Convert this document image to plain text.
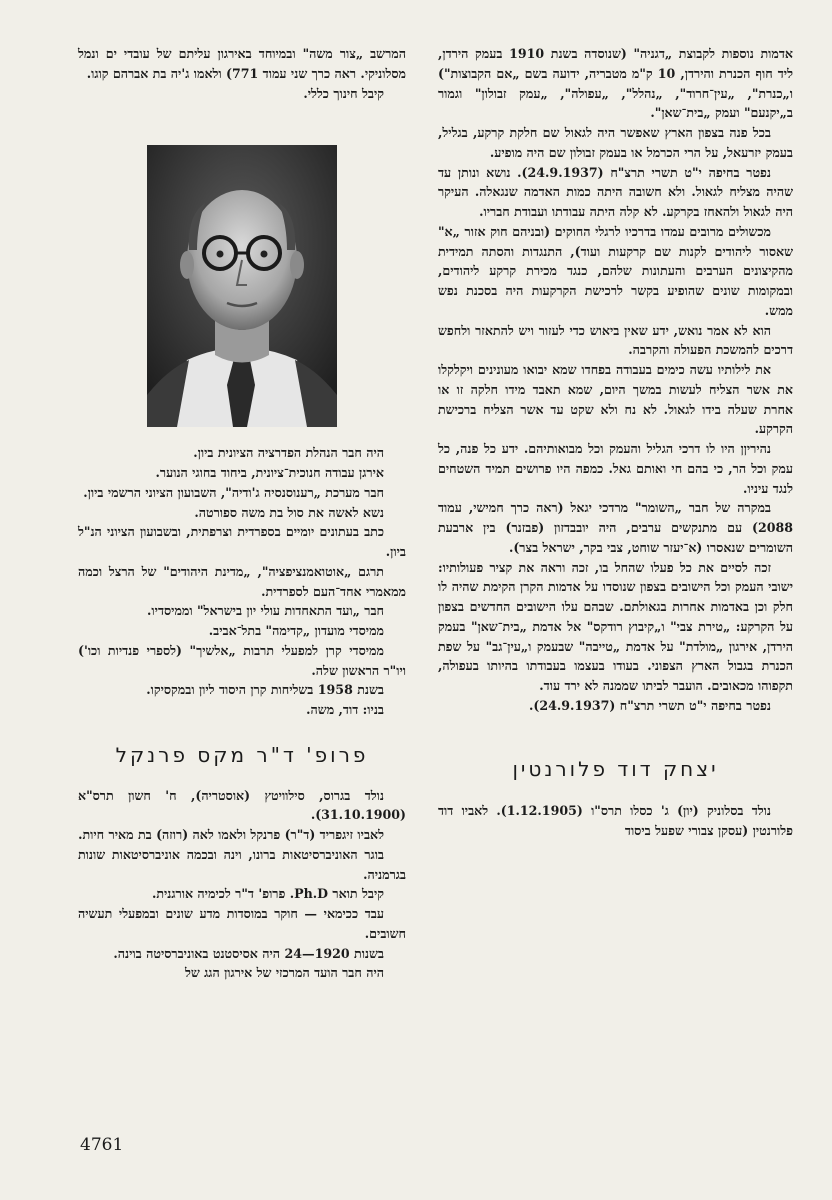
אדמות נוספות לקבוצת „דגניה" (שנוסדה בשנת 1910 בעמק הירדן, ליד חוף הכנרת והירדן, 10 ק"מ מטבריה, ידועה בשם „אם הקבוצות") ו„כנרת", „עין־חרוד", „נהלל", „עפולה", „עמק זבולון" וגמור ב„יקנעם" ועמק „בית־שאן".

בכל פנה בצפון הארץ שאפשר היה לגאול שם חלקת קרקע, בגליל, בעמק יזרעאל, על הרי הכרמל או בעמק זבולון שם היה מופיע.

נפטר בחיפה י"ט תשרי תרצ"ח (24.9.1937). נושא ונותן עד שהיה מצליח לגאול. ולא חשובה היתה כמות האדמה שנגאלה. העיקר היה לגאול ולהאחז בקרקע. לא קלה היתה עבודתו ועבודת חבריו.

מכשולים מרובים עמדו בדרכיו לרגלי החוקים (ובניהם חוק אזור „א" שאסור ליהודים לקנות שם קרקעות ועוד), התנגדות והסתה תמידית מהקיצונים הערבים והעתונות שלהם, כנגד מכירת קרקע ליהודים, ובמקומות שונים שהופיע בקשר לרכישת הקרקעות היה בסכנת נפש ממש.

הוא לא אמר נואש, ידע שאין ביאוש כדי לעזור ויש להתאזר ולחפש דרכים להמשכת הפעולה והקרבה.

את לילותיו עשה כימים בעבודה בפחדו שמא יבואו מעונינים ויקלקלו את אשר הצליח לעשות במשך היום, שמא תאבד מידו חלקה זו או אחרת שעלה בידו לגאול. לא נח ולא שקט עד אשר הצליח ברכישת הקרקע.

נהיריןן היו לו דרכי הגליל והעמק וכל מבואותיהם. ידע כל פנה, כל עמק וכל הר, כי בהם חי ואותם גאל. כמפה היו פרושים תמיד השטחים לנגד עיניו.

במקרה של חבר „השומר" מרדכי יגאל (ראה כרך חמישי, עמוד 2088) עם מתנקשים ערבים, היה יובבדזון (פבזנר) בין ארבעת השומרים שנאסרו (א־יעזר שוחט, צבי בקר, ישראל בצר).

זכה לסיים את כל פעלו שהחל בו, זכה וראה את קציר פעולותיו: ישובי העמק וכל הישובים בצפון שנוסדו על אדמות הקרן הקימת שהיה לו חלק וכן באדמות אחרות בגאולתם. שבהם עלו הישובים החדשים בצפון על הקרקע: „טירת צבי" ו„קיבוץ רודקס" אל אדמת „בית־שאן" בעמק הירדן, אירגון „מולדת" על אדמת „טייבה" שבעמק ו„עין־גב" על שפת הכנרת בגבול הארץ הצפוני. בעודו בעצמו בעבודתו בהיותו בעפולה, תקפוהו מכאובים. הועבר לביתו שממנה לא ירד עוד.

נפטר בחיפה י"ט תשרי תרצ"ח (24.9.1937).

יצחק דוד פלורנטין

נולד בסלוניק (יון) ג' כסלו תרס"ו (1.12.1905). לאביו דוד פלורנטין (עסקן צבורי שפעל ביסוד

המרשב „צור משה" ובמיוחד באירגון עליתם של עובדי ים ונמל מסלוניקי. ראה כרך שני עמוד 771) ולאמו ג'יה בת אברהם קוגו.

קיבל חינוך כללי.

היה חבר הנהלת הפדרציה הציונית ביון.

אירגן עבודה חנוכית־ציונית, ביחוד בחוגי הנוער.

חבר מערכת „רענוסנסיה ג'ודיה", השבועון הציוני הרשמי ביון.

נשא לאשה את סול בת משה ספורטה.

כתב בעתונים יומיים בספרדית וצרפתית, ובשבועון הציוני הנ"ל ביון.

תרגם „אוטואמנציפציה", „מדינת היהודים" של הרצל וכמה ממאמרי אחד־העם לספרדית.

חבר „ועד התאחדות עולי יון בישראל" וממיסדיו.

ממיסדי מועדון „קדימה" בתל־אביב.

ממיסדי קרן למפעלי תרבות „אלשיך" (לספרי פנדיות וכו') ויו"ר הראשון שלה.

בשנת 1958 בשליחות קרן היסוד ליון ובמקסיקו.

בניו: דוד, משה.

פרופ' ד"ר מקס פרנקל

נולד בגרוס, סילוויטץ (אוסטריה), ח' חשון תרס"א (31.10.1900).

לאביו זיגפריד (ד"ר) פרנקל ולאמו לאה (רוזה) בת מאיר חיות.

בוגר האוניברסיטאות ברונו, וינה ובכמה אוניברסיטאות שונות בגרמניה.

קיבל תואר Ph.D. פרופ' ד"ר לכימיה אורגנית.

עבד ככימאי — חוקר במוסדות מדע שונים ובמפעלי תעשיה חשובים.

בשנות 1920—24 היה אסיסטנט באוניברסיטה בוינה.

היה חבר הועד המרכזי של אירגון הגג של

4761
